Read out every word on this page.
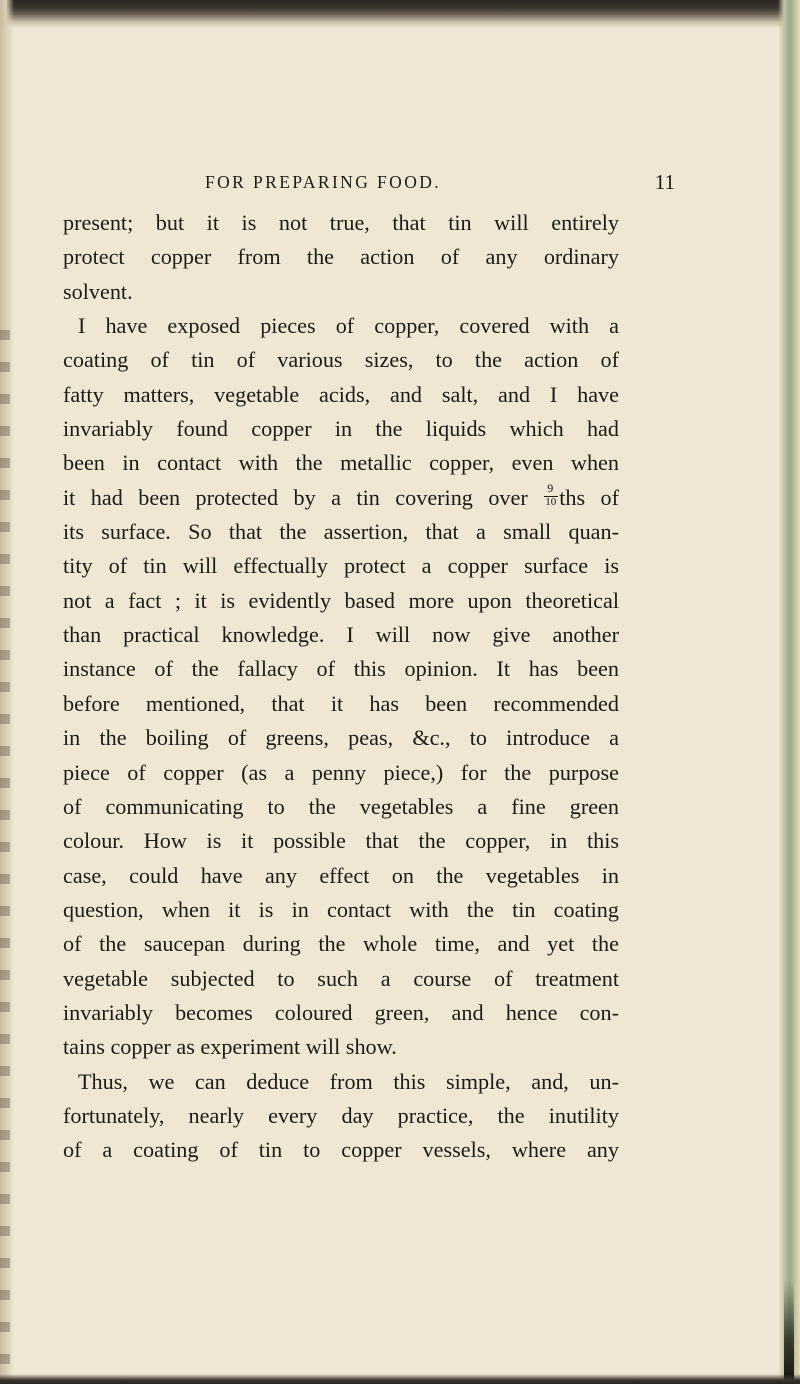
FOR PREPARING FOOD.	11
present; but it is not true, that tin will entirely
protect copper from the action of any ordinary
solvent.
I have exposed pieces of copper, covered with a
coating of tin of various sizes, to the action of
fatty matters, vegetable acids, and salt, and I have
invariably found copper in the liquids which had
been in contact with the metallic copper, even when
it had been protected by a tin covering over $\frac{9}{10}$ ths of
its surface. So that the assertion, that a small quan-
tity of tin will effectually protect a copper surface is
not a fact ; it is evidently based more upon theoretical
than practical knowledge. I will now give another
instance of the fallacy of this opinion. It has been
before mentioned, that it has been recommended
in the boiling of greens, peas, &c., to introduce a
piece of copper (as a penny piece,) for the purpose
of communicating to the vegetables a fine green
colour. How is it possible that the copper, in this
case, could have any effect on the vegetables in
question, when it is in contact with the tin coating
of the saucepan during the whole time, and yet the
vegetable subjected to such a course of treatment
invariably becomes coloured green, and hence con-
tains copper as experiment will show.
Thus, we can deduce from this simple, and, un-
fortunately, nearly every day practice, the inutility
of a coating of tin to copper vessels, where any
